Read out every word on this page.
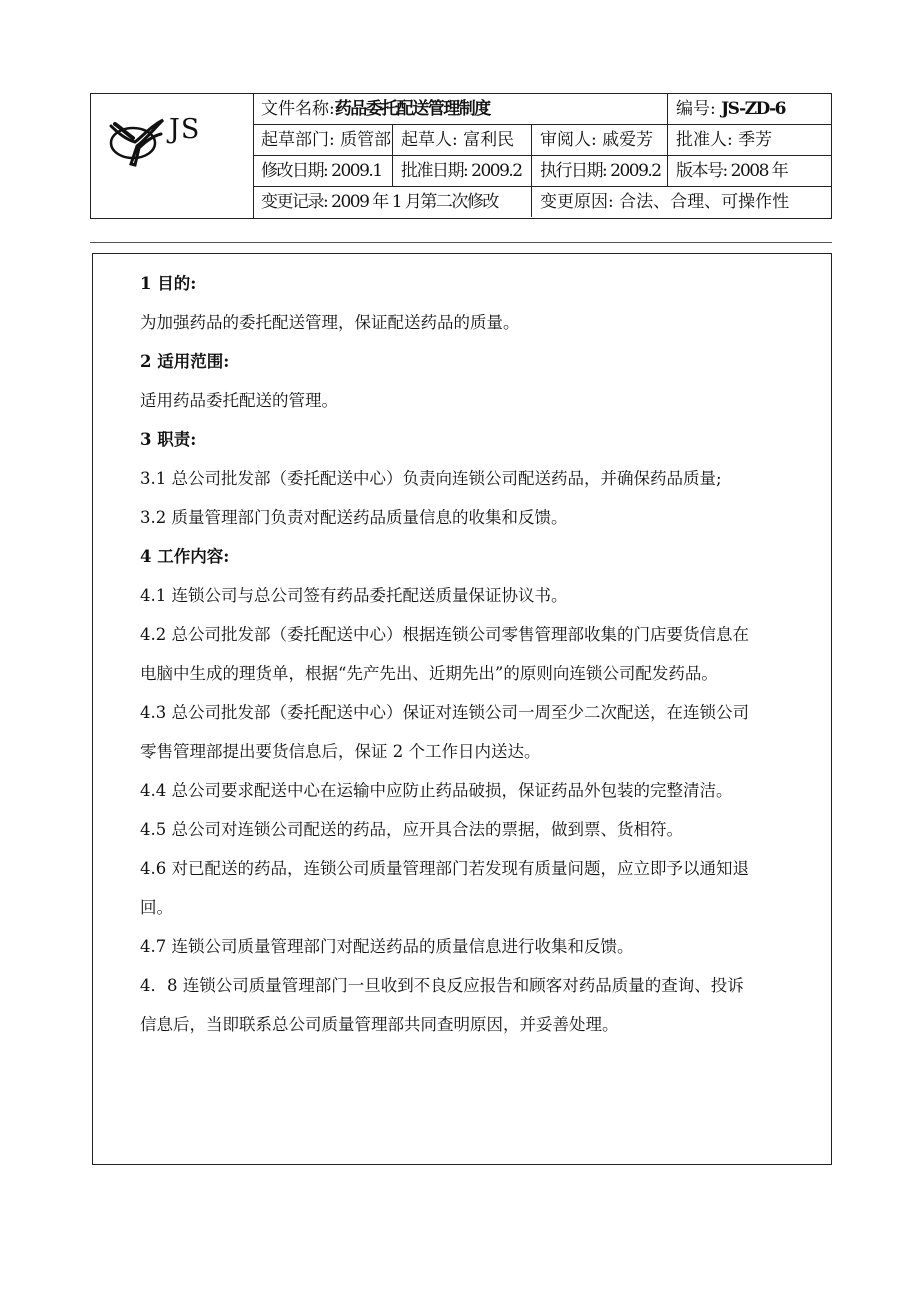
JS
文件名称:药品委托配送管理制度	编号: JS-ZD-6
起草部门: 质管部 起草人: 富利民	审阅人: 戚爱芳	批准人: 季芳
修改日期: 2009.1	批准日期: 2009.2	执行日期: 2009.2 版本号: 2008 年
变更记录: 2009 年 1 月第二次修改	变更原因: 合法、合理、可操作性
1 目的:
为加强药品的委托配送管理，保证配送药品的质量。
2 适用范围:
适用药品委托配送的管理。
3 职责:
3.1 总公司批发部（委托配送中心）负责向连锁公司配送药品，并确保药品质量;
3.2 质量管理部门负责对配送药品质量信息的收集和反馈。
4 工作内容:
4.1 连锁公司与总公司签有药品委托配送质量保证协议书。
4.2 总公司批发部（委托配送中心）根据连锁公司零售管理部收集的门店要货信息在
电脑中生成的理货单，根据“先产先出、近期先出”的原则向连锁公司配发药品。
4.3 总公司批发部（委托配送中心）保证对连锁公司一周至少二次配送，在连锁公司
零售管理部提出要货信息后，保证 2 个工作日内送达。
4.4 总公司要求配送中心在运输中应防止药品破损，保证药品外包装的完整清洁。
4.5 总公司对连锁公司配送的药品，应开具合法的票据，做到票、货相符。
4.6 对已配送的药品，连锁公司质量管理部门若发现有质量问题，应立即予以通知退
回。
4.7 连锁公司质量管理部门对配送药品的质量信息进行收集和反馈。
4．8 连锁公司质量管理部门一旦收到不良反应报告和顾客对药品质量的查询、投诉
信息后，当即联系总公司质量管理部共同查明原因，并妥善处理。
